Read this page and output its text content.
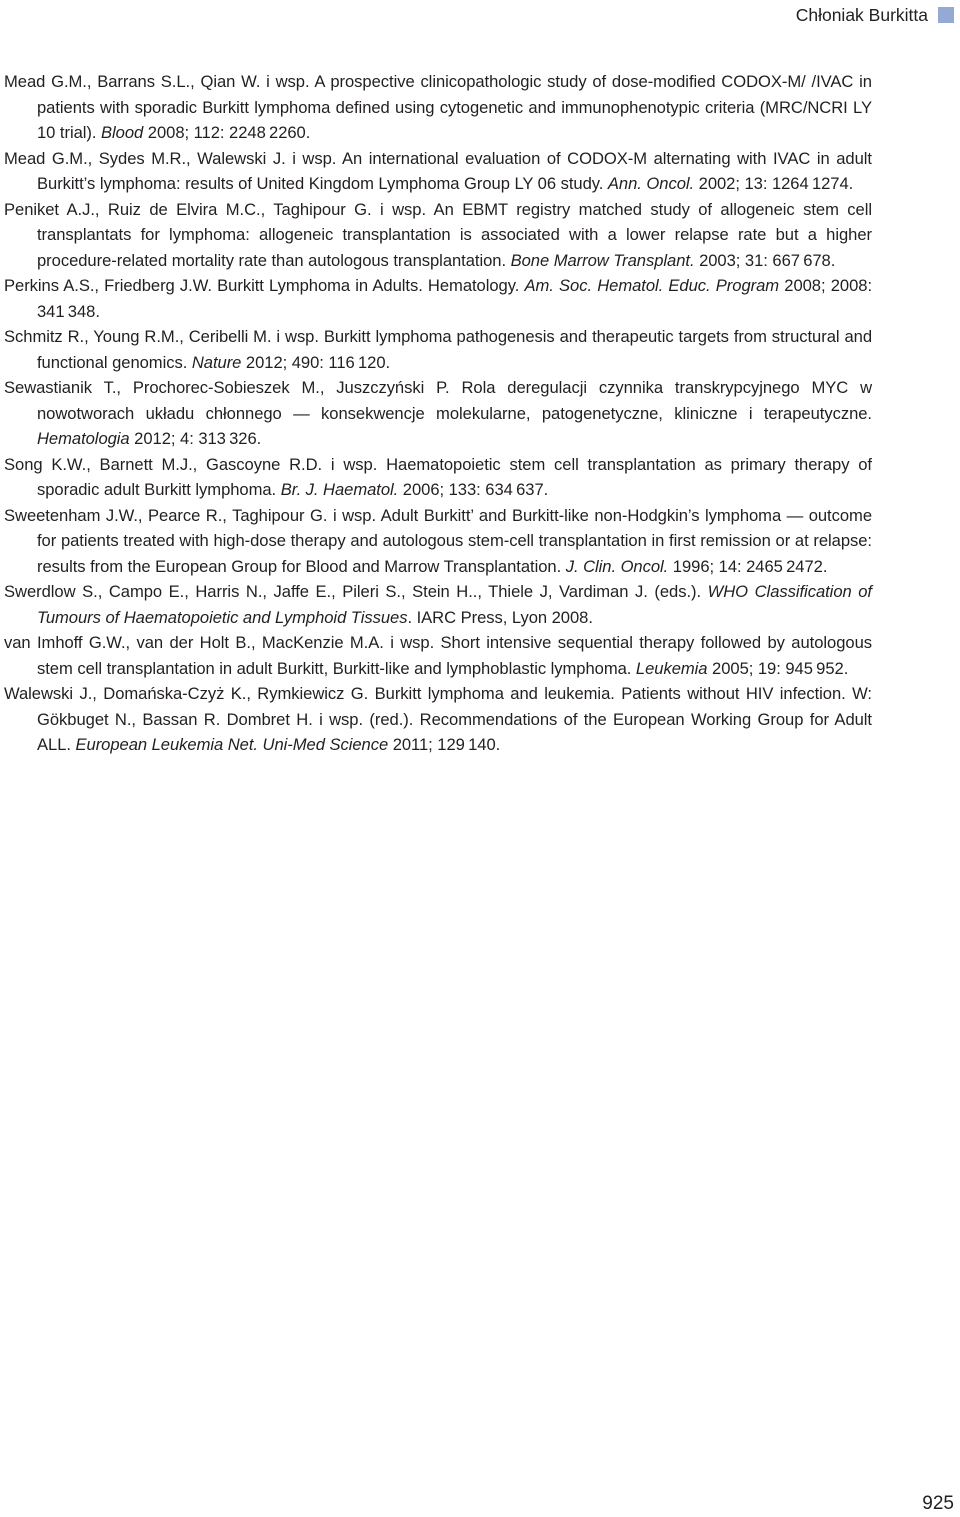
Chłoniak Burkitta
Mead G.M., Barrans S.L., Qian W. i wsp. A prospective clinicopathologic study of dose-modified CODOX-M/ /IVAC in patients with sporadic Burkitt lymphoma defined using cytogenetic and immunophenotypic criteria (MRC/NCRI LY 10 trial). Blood 2008; 112: 2248 2260.
Mead G.M., Sydes M.R., Walewski J. i wsp. An international evaluation of CODOX-M alternating with IVAC in adult Burkitt’s lymphoma: results of United Kingdom Lymphoma Group LY 06 study. Ann. Oncol. 2002; 13: 1264 1274.
Peniket A.J., Ruiz de Elvira M.C., Taghipour G. i wsp. An EBMT registry matched study of allogeneic stem cell transplantats for lymphoma: allogeneic transplantation is associated with a lower relapse rate but a higher procedure-related mortality rate than autologous transplantation. Bone Marrow Transplant. 2003; 31: 667 678.
Perkins A.S., Friedberg J.W. Burkitt Lymphoma in Adults. Hematology. Am. Soc. Hematol. Educ. Program 2008; 2008: 341 348.
Schmitz R., Young R.M., Ceribelli M. i wsp. Burkitt lymphoma pathogenesis and therapeutic targets from structural and functional genomics. Nature 2012; 490: 116 120.
Sewastianik T., Prochorec-Sobieszek M., Juszczyński P. Rola deregulacji czynnika transkrypcyjnego MYC w nowotworach układu chłonnego — konsekwencje molekularne, patogenetyczne, kliniczne i terapeutyczne. Hematologia 2012; 4: 313 326.
Song K.W., Barnett M.J., Gascoyne R.D. i wsp. Haematopoietic stem cell transplantation as primary therapy of sporadic adult Burkitt lymphoma. Br. J. Haematol. 2006; 133: 634 637.
Sweetenham J.W., Pearce R., Taghipour G. i wsp. Adult Burkitt’ and Burkitt-like non-Hodgkin’s lymphoma — outcome for patients treated with high-dose therapy and autologous stem-cell transplantation in first remission or at relapse: results from the European Group for Blood and Marrow Transplantation. J. Clin. Oncol. 1996; 14: 2465 2472.
Swerdlow S., Campo E., Harris N., Jaffe E., Pileri S., Stein H.., Thiele J, Vardiman J. (eds.). WHO Classification of Tumours of Haematopoietic and Lymphoid Tissues. IARC Press, Lyon 2008.
van Imhoff G.W., van der Holt B., MacKenzie M.A. i wsp. Short intensive sequential therapy followed by autologous stem cell transplantation in adult Burkitt, Burkitt-like and lymphoblastic lymphoma. Leukemia 2005; 19: 945 952.
Walewski J., Domańska-Czyż K., Rymkiewicz G. Burkitt lymphoma and leukemia. Patients without HIV infection. W: Gökbuget N., Bassan R. Dombret H. i wsp. (red.). Recommendations of the European Working Group for Adult ALL. European Leukemia Net. Uni-Med Science 2011; 129 140.
925
